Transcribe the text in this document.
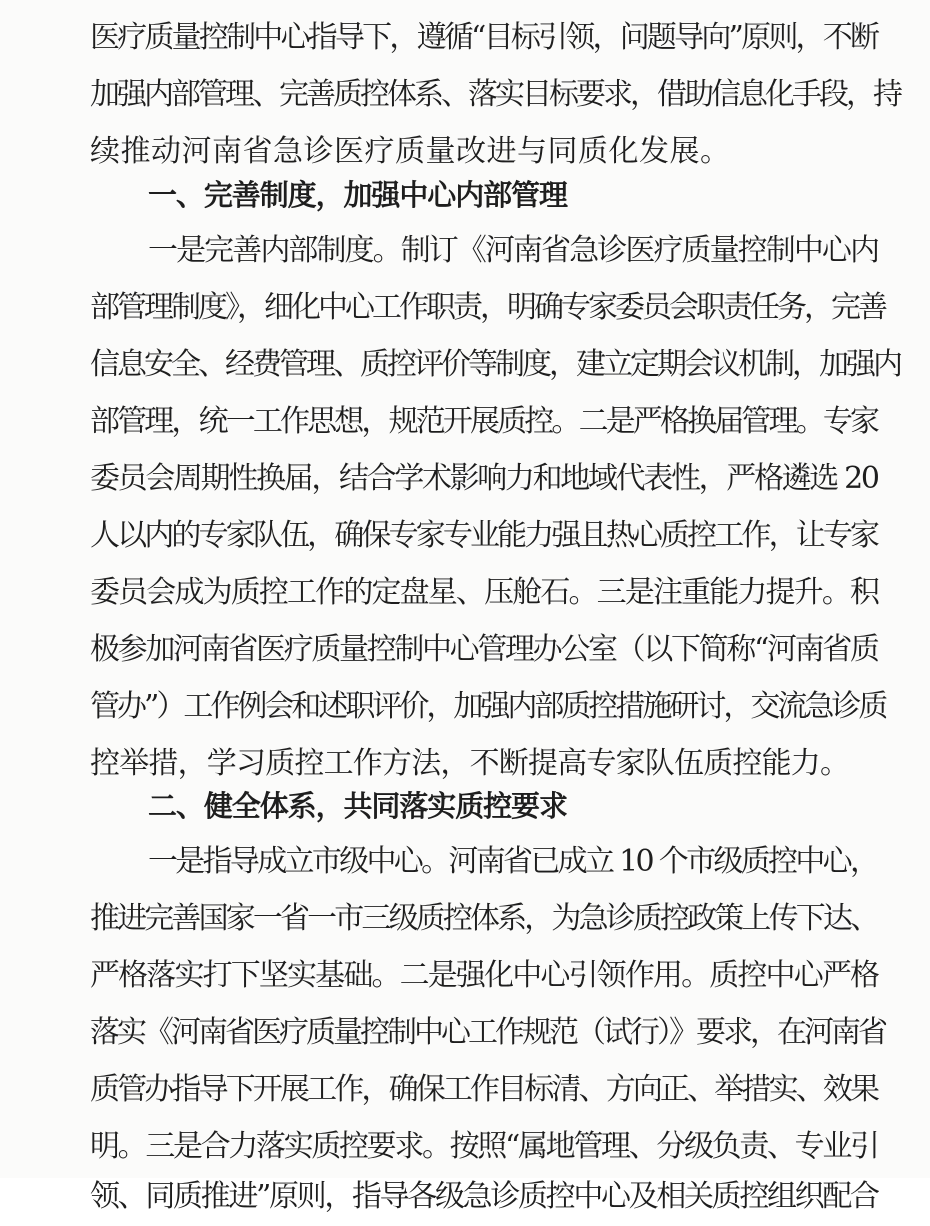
医疗质量控制中心指导下，遵循“目标引领，问题导向”原则，不断
加强内部管理、完善质控体系、落实目标要求，借助信息化手段，持
续推动河南省急诊医疗质量改进与同质化发展。
一、完善制度，加强中心内部管理
一是完善内部制度。制订《河南省急诊医疗质量控制中心内
部管理制度》，细化中心工作职责，明确专家委员会职责任务，完善
信息安全、经费管理、质控评价等制度，建立定期会议机制，加强内
部管理，统一工作思想，规范开展质控。二是严格换届管理。专家
委员会周期性换届，结合学术影响力和地域代表性，严格遴选 20
人以内的专家队伍，确保专家专业能力强且热心质控工作，让专家
委员会成为质控工作的定盘星、压舱石。三是注重能力提升。积
极参加河南省医疗质量控制中心管理办公室（以下简称“河南省质
管办”）工作例会和述职评价，加强内部质控措施研讨，交流急诊质
控举措，学习质控工作方法，不断提高专家队伍质控能力。
二、健全体系，共同落实质控要求
一是指导成立市级中心。河南省已成立 10 个市级质控中心，
推进完善国家一省一市三级质控体系，为急诊质控政策上传下达、
严格落实打下坚实基础。二是强化中心引领作用。质控中心严格
落实《河南省医疗质量控制中心工作规范（试行）》要求，在河南省
质管办指导下开展工作，确保工作目标清、方向正、举措实、效果
明。三是合力落实质控要求。按照“属地管理、分级负责、专业引
领、同质推进”原则，指导各级急诊质控中心及相关质控组织配合
